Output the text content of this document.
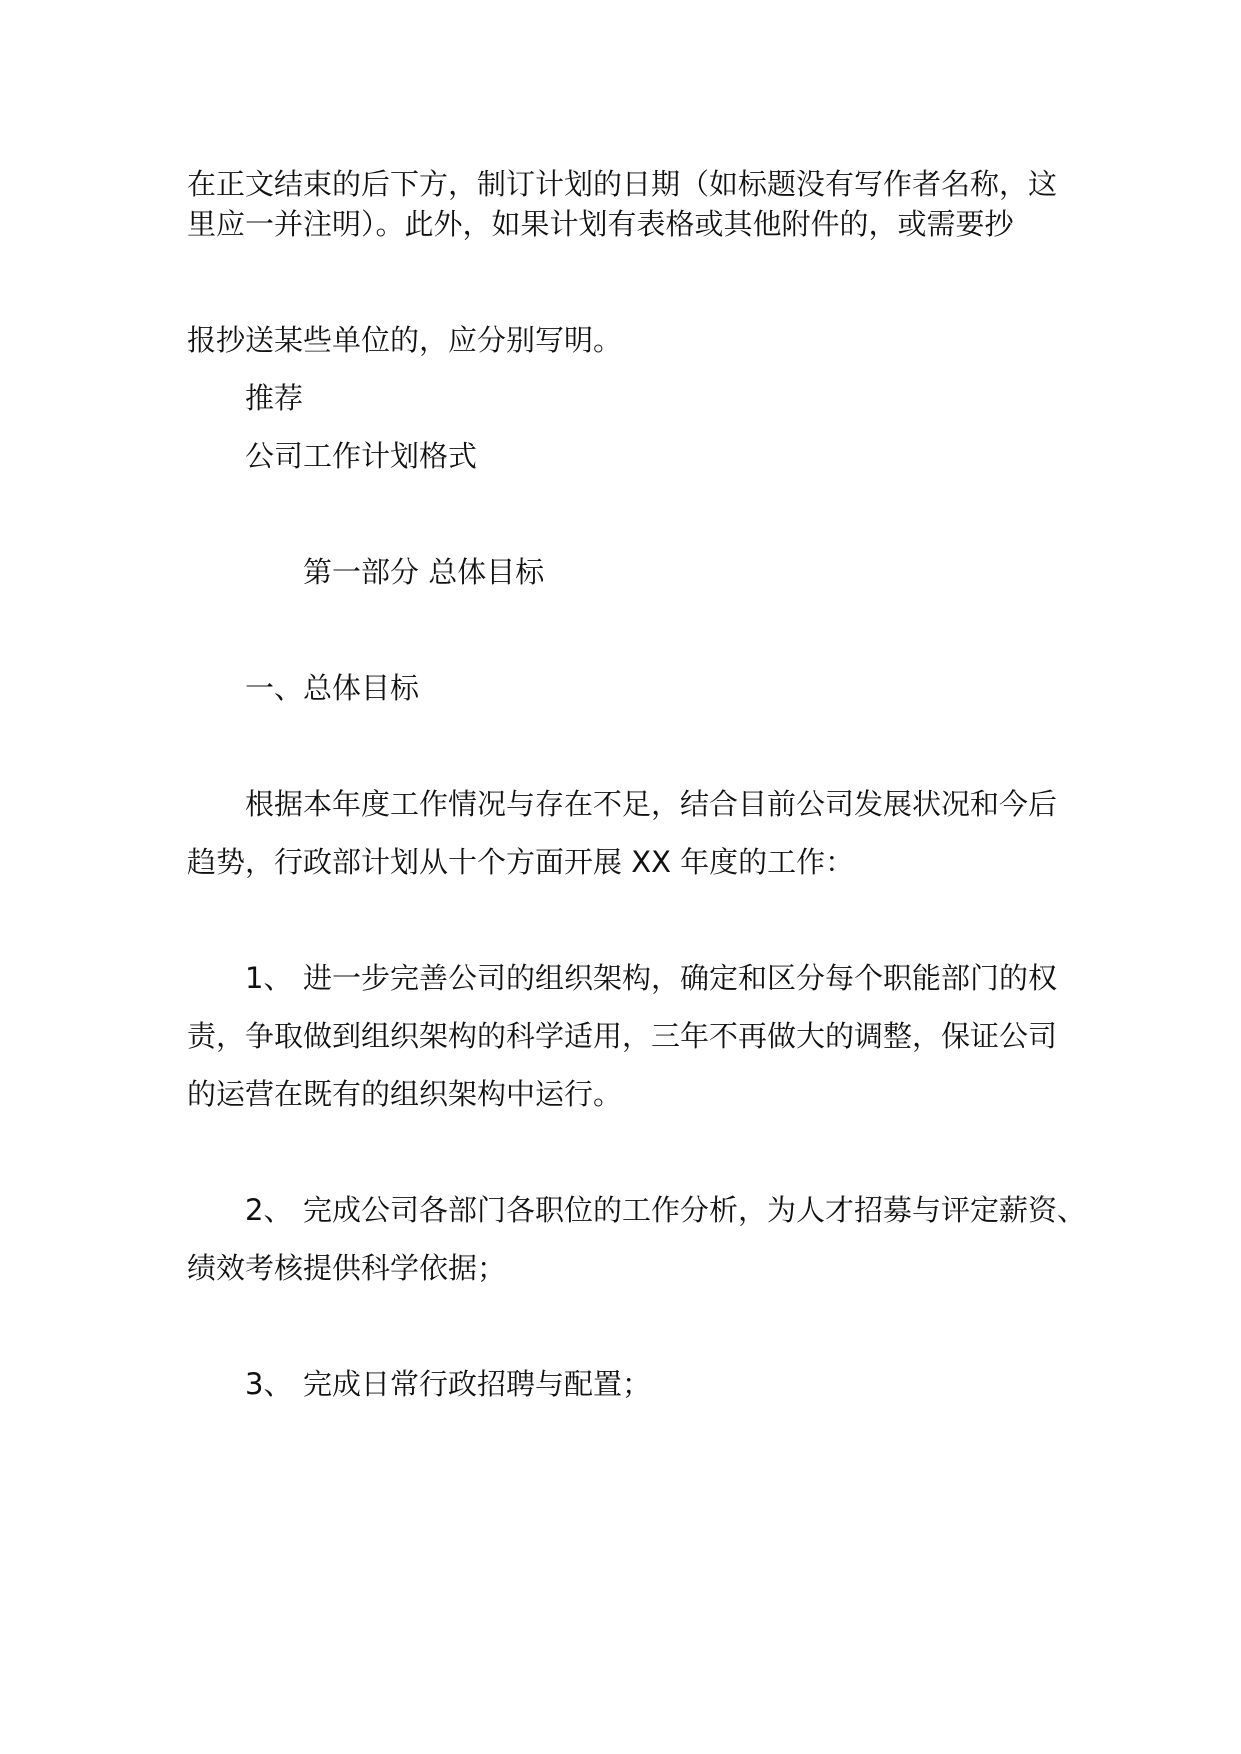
在正文结束的后下方，制订计划的日期（如标题没有写作者名称，这
里应一并注明）。此外，如果计划有表格或其他附件的，或需要抄
报抄送某些单位的，应分别写明。
推荐
公司工作计划格式
第一部分 总体目标
一、总体目标
根据本年度工作情况与存在不足，结合目前公司发展状况和今后
趋势，行政部计划从十个方面开展 XX 年度的工作：
1、 进一步完善公司的组织架构，确定和区分每个职能部门的权
责，争取做到组织架构的科学适用，三年不再做大的调整，保证公司
的运营在既有的组织架构中运行。
2、 完成公司各部门各职位的工作分析，为人才招募与评定薪资、
绩效考核提供科学依据；
3、 完成日常行政招聘与配置；
